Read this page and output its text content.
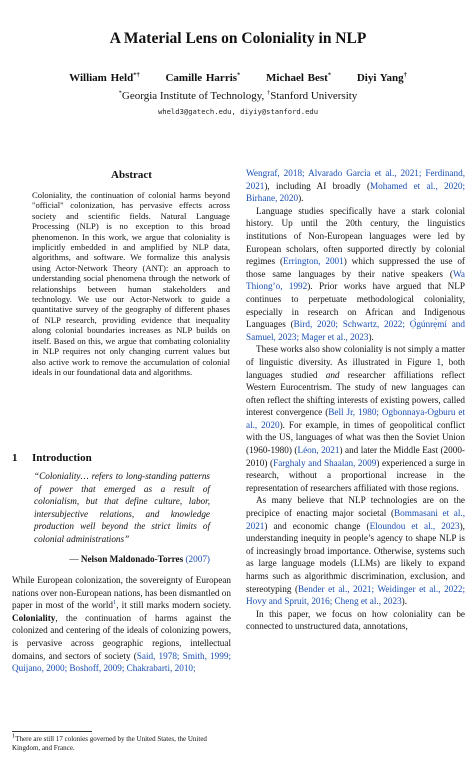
A Material Lens on Coloniality in NLP
William Held*† Camille Harris* Michael Best* Diyi Yang†
*Georgia Institute of Technology, †Stanford University
wheld3@gatech.edu, diyiy@stanford.edu
Abstract
Coloniality, the continuation of colonial harms beyond "official" colonization, has pervasive effects across society and scientific fields. Natural Language Processing (NLP) is no exception to this broad phenomenon. In this work, we argue that coloniality is implicitly embedded in and amplified by NLP data, algorithms, and software. We formalize this analysis using Actor-Network Theory (ANT): an approach to understanding social phenomena through the network of relationships between human stakeholders and technology. We use our Actor-Network to guide a quantitative survey of the geography of different phases of NLP research, providing evidence that inequality along colonial boundaries increases as NLP builds on itself. Based on this, we argue that combating coloniality in NLP requires not only changing current values but also active work to remove the accumulation of colonial ideals in our foundational data and algorithms.
1 Introduction
“Coloniality… refers to long-standing patterns of power that emerged as a result of colonialism, but that define culture, labor, intersubjective relations, and knowledge production well beyond the strict limits of colonial administrations”
— Nelson Maldonado-Torres (2007)

While European colonization, the sovereignty of European nations over non-European nations, has been dismantled on paper in most of the world$^1$, it still marks modern society. Coloniality, the continuation of harms against the colonized and centering of the ideals of colonizing powers, is pervasive across geographic regions, intellectual domains, and sectors of society (Said, 1978; Smith, 1999; Quijano, 2000; Boshoff, 2009; Chakrabarti, 2010;

$^1$There are still 17 colonies governed by the United States, the United Kingdom, and France.

Wengraf, 2018; Alvarado Garcia et al., 2021; Ferdinand, 2021), including AI broadly (Mohamed et al., 2020; Birhane, 2020).

Language studies specifically have a stark colonial history. Up until the 20th century, the linguistics institutions of Non-European languages were led by European scholars, often supported directly by colonial regimes (Errington, 2001) which suppressed the use of those same languages by their native speakers (Wa Thiong’o, 1992). Prior works have argued that NLP continues to perpetuate methodological coloniality, especially in research on African and Indigenous Languages (Bird, 2020; Schwartz, 2022; Ọ̀gúnrẹ̀mí and Samuel, 2023; Mager et al., 2023).

These works also show coloniality is not simply a matter of linguistic diversity. As illustrated in Figure 1, both languages studied and researcher affiliations reflect Western Eurocentrism. The study of new languages can often reflect the shifting interests of existing powers, called interest convergence (Bell Jr, 1980; Ogbonnaya-Ogburu et al., 2020). For example, in times of geopolitical conflict with the US, languages of what was then the Soviet Union (1960-1980) (Léon, 2021) and later the Middle East (2000-2010) (Farghaly and Shaalan, 2009) experienced a surge in research, without a proportional increase in the representation of researchers affiliated with those regions.

As many believe that NLP technologies are on the precipice of enacting major societal (Bommasani et al., 2021) and economic change (Eloundou et al., 2023), understanding inequity in people’s agency to shape NLP is of increasingly broad importance. Otherwise, systems such as large language models (LLMs) are likely to expand harms such as algorithmic discrimination, exclusion, and stereotyping (Bender et al., 2021; Weidinger et al., 2022; Hovy and Spruit, 2016; Cheng et al., 2023).

In this paper, we focus on how coloniality can be connected to unstructured data, annotations,
